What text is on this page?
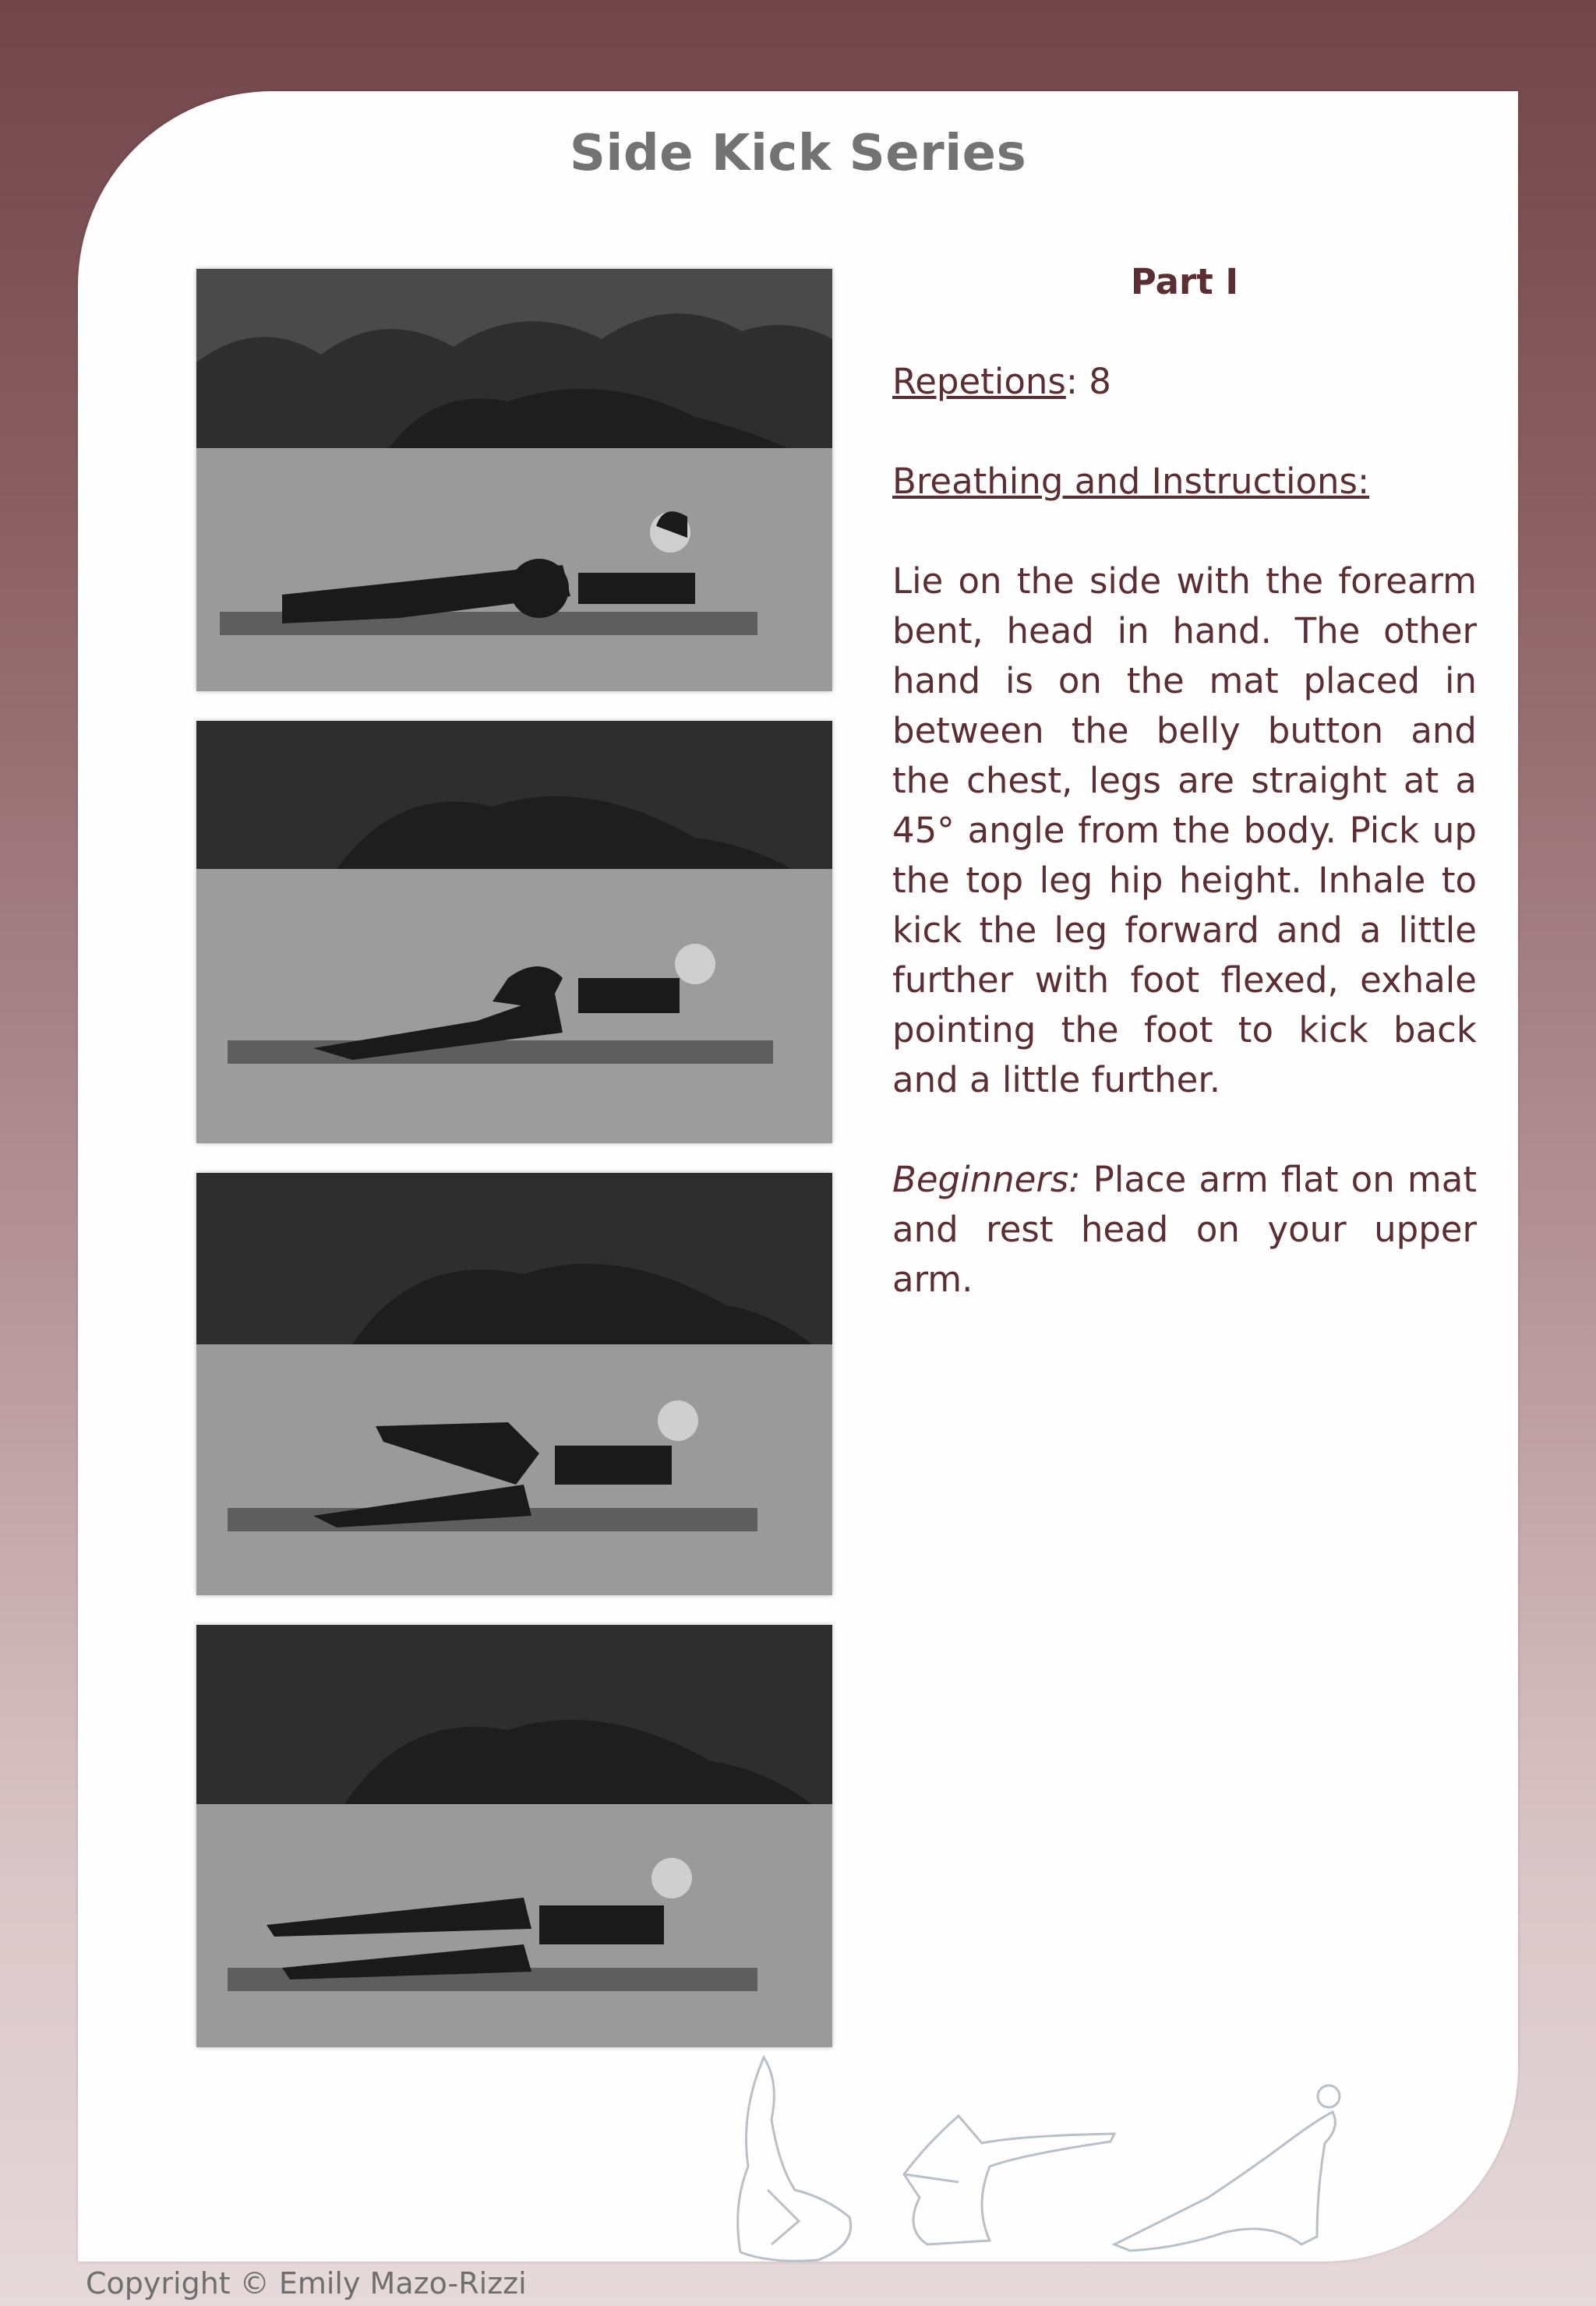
Side Kick Series
Part I
Repetions: 8
Breathing and Instructions:
Lie on the side with the forearm bent, head in hand. The other hand is on the mat placed in between the belly button and the chest, legs are straight at a 45° angle from the body. Pick up the top leg hip height. Inhale to kick the leg forward and a little further with foot flexed, exhale pointing the foot to kick back and a little further.
Beginners: Place arm flat on mat and rest head on your upper arm.
Copyright © Emily Mazo-Rizzi
